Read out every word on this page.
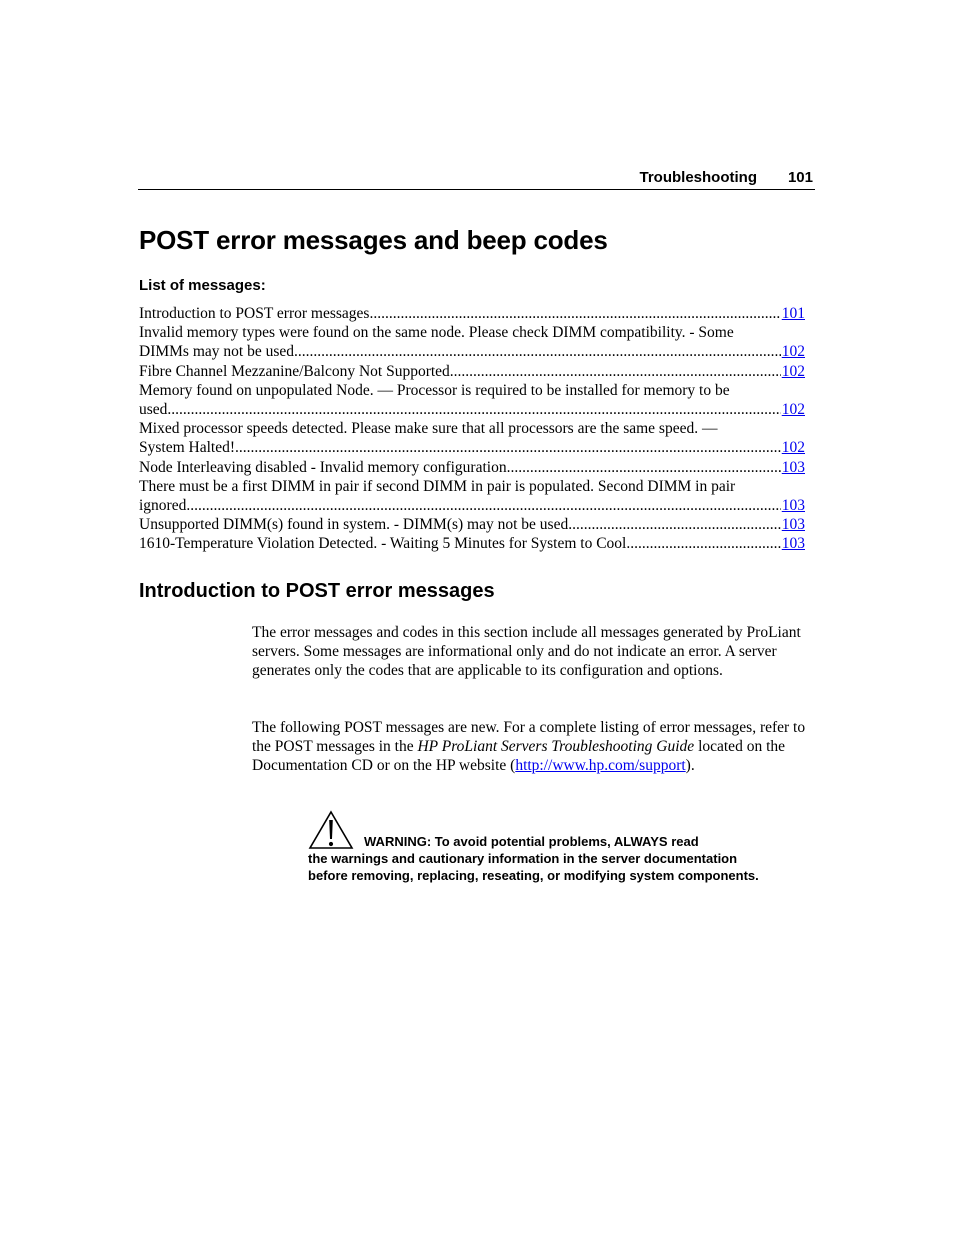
Troubleshooting 101
POST error messages and beep codes
List of messages:
Introduction to POST error messages .....	101
Invalid memory types were found on the same node. Please check DIMM compatibility. - Some
DIMMs may not be used .....	102
Fibre Channel Mezzanine/Balcony Not Supported. .....	102
Memory found on unpopulated Node. — Processor is required to be installed for memory to be
used. .....	102
Mixed processor speeds detected. Please make sure that all processors are the same speed. —
System Halted! .....	102
Node Interleaving disabled - Invalid memory configuration .....	103
There must be a first DIMM in pair if second DIMM in pair is populated. Second DIMM in pair
ignored. .....	103
Unsupported DIMM(s) found in system. - DIMM(s) may not be used .....	103
1610-Temperature Violation Detected. - Waiting 5 Minutes for System to Cool .....	103
Introduction to POST error messages

The error messages and codes in this section include all messages generated by ProLiant servers. Some messages are informational only and do not indicate an error. A server generates only the codes that are applicable to its configuration and options.

The following POST messages are new. For a complete listing of error messages, refer to the POST messages in the HP ProLiant Servers Troubleshooting Guide located on the Documentation CD or on the HP website (http://www.hp.com/support).

WARNING: To avoid potential problems, ALWAYS read
the warnings and cautionary information in the server documentation before removing, replacing, reseating, or modifying system components.
